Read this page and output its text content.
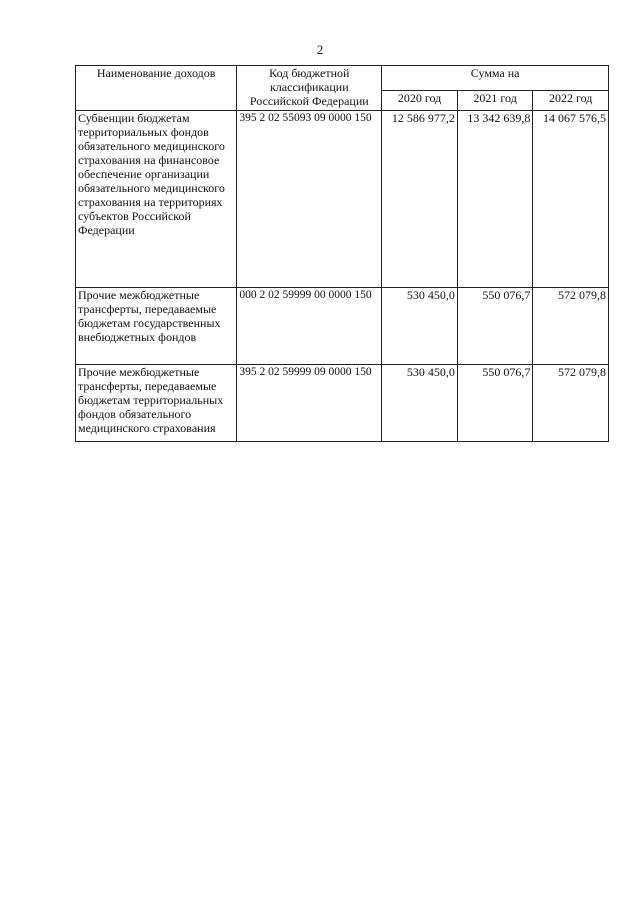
2
Наименование доходов	Код бюджетной классификации Российской Федерации	Сумма на		
		2020 год	2021 год	2022 год
Субвенции бюджетам территориальных фондов обязательного медицинского страхования на финансовое обеспечение организации обязательного медицинского страхования на территориях субъектов Российской Федерации	395 2 02 55093 09 0000 150	12 586 977,2	13 342 639,8	14 067 576,5
Прочие межбюджетные трансферты, передаваемые бюджетам государственных внебюджетных фондов	000 2 02 59999 00 0000 150	530 450,0	550 076,7	572 079,8
Прочие межбюджетные трансферты, передаваемые бюджетам территориальных фондов обязательного медицинского страхования	395 2 02 59999 09 0000 150	530 450,0	550 076,7	572 079,8
